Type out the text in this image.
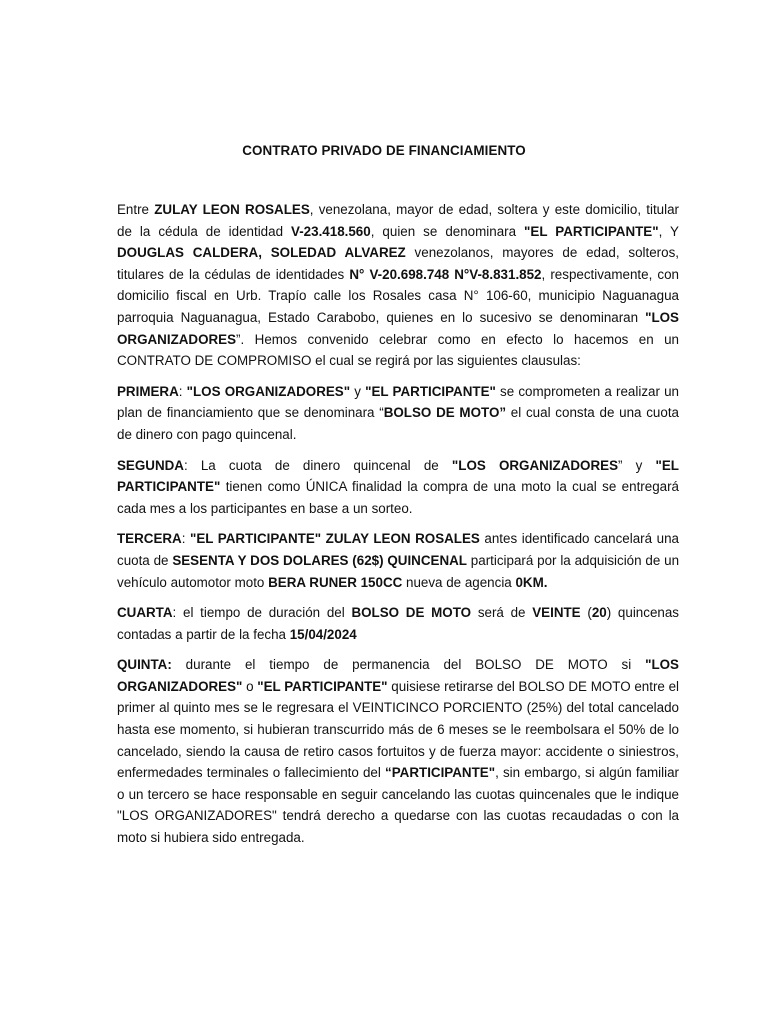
CONTRATO PRIVADO DE FINANCIAMIENTO

Entre ZULAY LEON ROSALES, venezolana, mayor de edad, soltera y este domicilio, titular de la cédula de identidad V-23.418.560, quien se denominara "EL PARTICIPANTE", Y DOUGLAS CALDERA, SOLEDAD ALVAREZ venezolanos, mayores de edad, solteros, titulares de la cédulas de identidades N° V-20.698.748 N°V-8.831.852, respectivamente, con domicilio fiscal en Urb. Trapío calle los Rosales casa N° 106-60, municipio Naguanagua parroquia Naguanagua, Estado Carabobo, quienes en lo sucesivo se denominaran "LOS ORGANIZADORES”. Hemos convenido celebrar como en efecto lo hacemos en un CONTRATO DE COMPROMISO el cual se regirá por las siguientes clausulas:

PRIMERA: "LOS ORGANIZADORES" y "EL PARTICIPANTE" se comprometen a realizar un plan de financiamiento que se denominara “BOLSO DE MOTO” el cual consta de una cuota de dinero con pago quincenal.

SEGUNDA: La cuota de dinero quincenal de "LOS ORGANIZADORES” y "EL PARTICIPANTE" tienen como ÚNICA finalidad la compra de una moto la cual se entregará cada mes a los participantes en base a un sorteo.

TERCERA: "EL PARTICIPANTE" ZULAY LEON ROSALES antes identificado cancelará una cuota de SESENTA Y DOS DOLARES (62$) QUINCENAL participará por la adquisición de un vehículo automotor moto BERA RUNER 150CC nueva de agencia 0KM.

CUARTA: el tiempo de duración del BOLSO DE MOTO será de VEINTE (20) quincenas contadas a partir de la fecha 15/04/2024

QUINTA: durante el tiempo de permanencia del BOLSO DE MOTO si "LOS ORGANIZADORES" o "EL PARTICIPANTE" quisiese retirarse del BOLSO DE MOTO entre el primer al quinto mes se le regresara el VEINTICINCO PORCIENTO (25%) del total cancelado hasta ese momento, si hubieran transcurrido más de 6 meses se le reembolsara el 50% de lo cancelado, siendo la causa de retiro casos fortuitos y de fuerza mayor: accidente o siniestros, enfermedades terminales o fallecimiento del “PARTICIPANTE", sin embargo, si algún familiar o un tercero se hace responsable en seguir cancelando las cuotas quincenales que le indique "LOS ORGANIZADORES" tendrá derecho a quedarse con las cuotas recaudadas o con la moto si hubiera sido entregada.
